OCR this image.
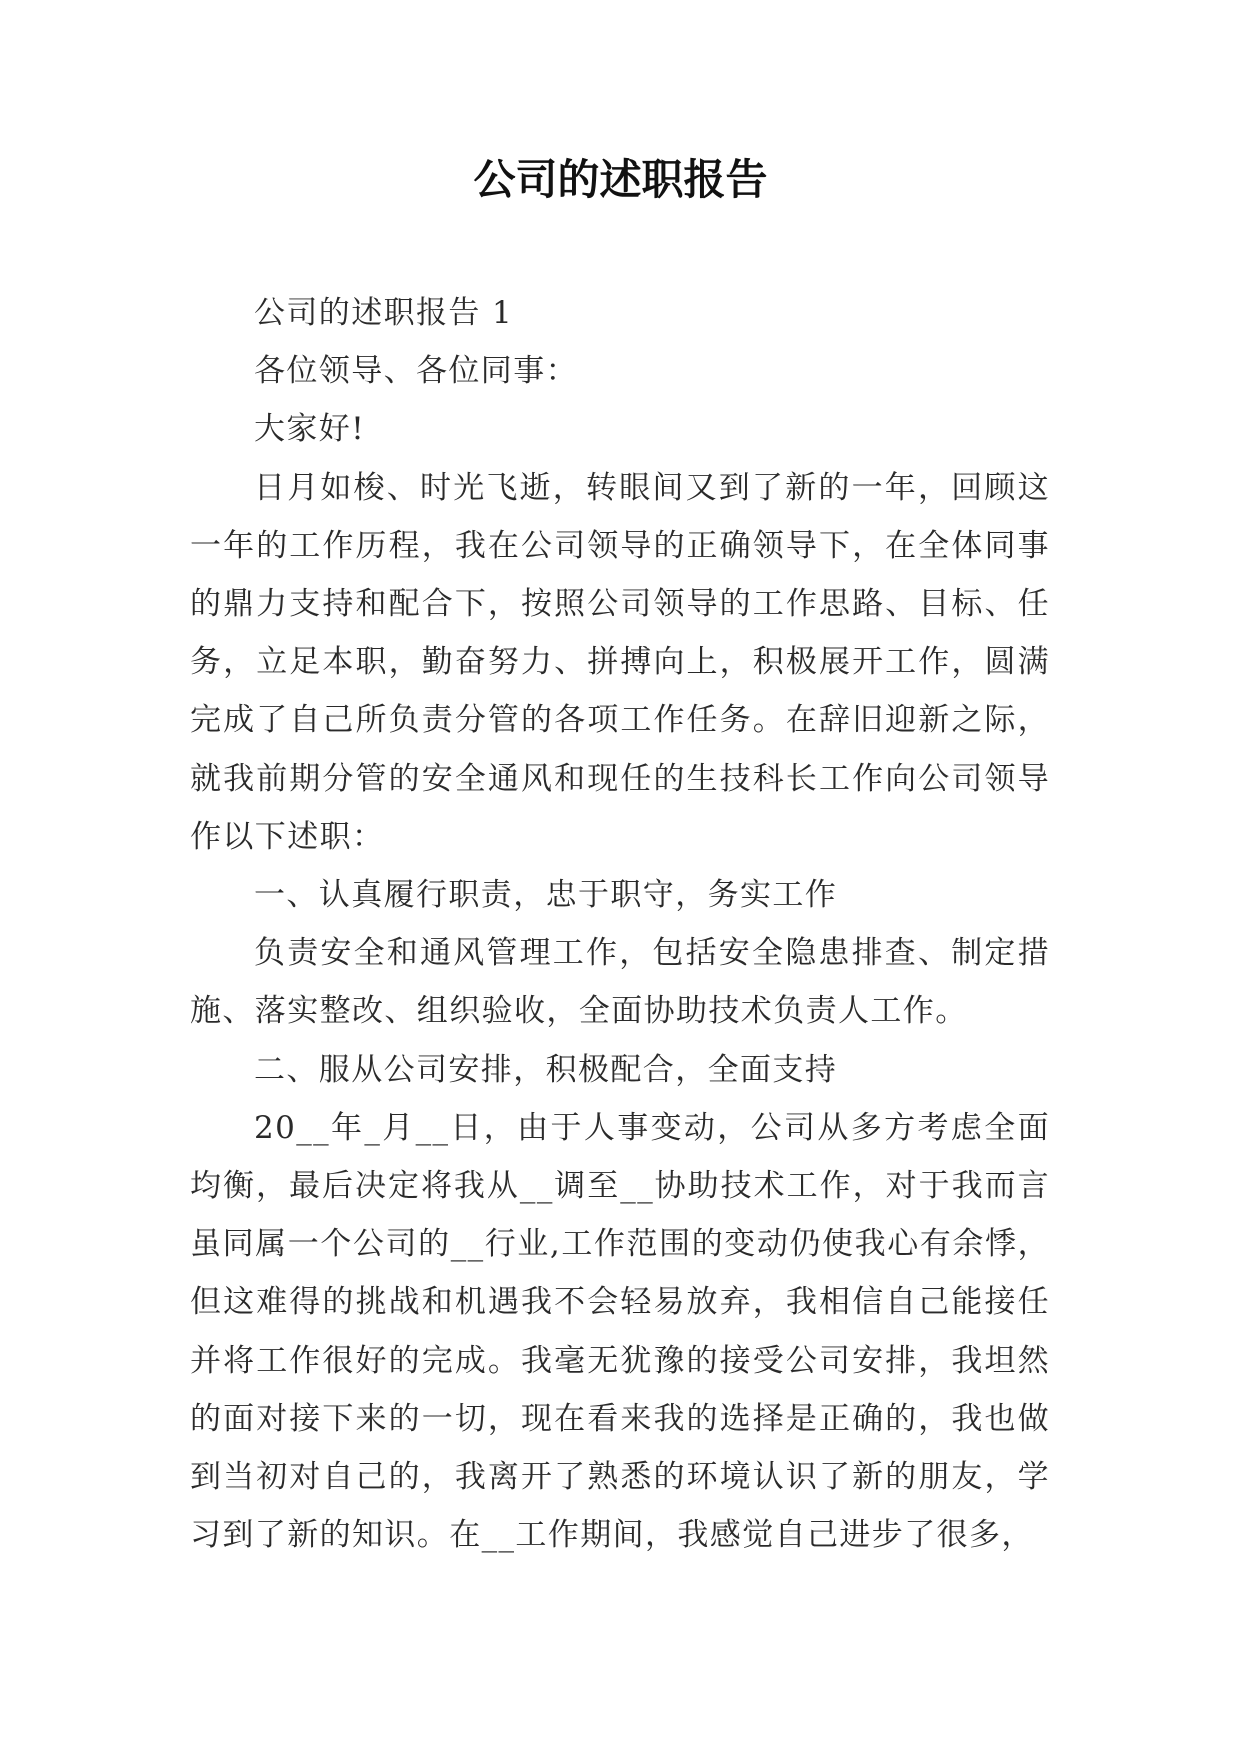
公司的述职报告

公司的述职报告 1

各位领导、各位同事：

大家好!

日月如梭、时光飞逝，转眼间又到了新的一年，回顾这一年的工作历程，我在公司领导的正确领导下，在全体同事的鼎力支持和配合下，按照公司领导的工作思路、目标、任务，立足本职，勤奋努力、拼搏向上，积极展开工作，圆满完成了自己所负责分管的各项工作任务。在辞旧迎新之际，就我前期分管的安全通风和现任的生技科长工作向公司领导作以下述职：

一、认真履行职责，忠于职守，务实工作

负责安全和通风管理工作，包括安全隐患排查、制定措施、落实整改、组织验收，全面协助技术负责人工作。

二、服从公司安排，积极配合，全面支持

20__年_月__日，由于人事变动，公司从多方考虑全面均衡，最后决定将我从__调至__协助技术工作，对于我而言虽同属一个公司的__行业,工作范围的变动仍使我心有余悸，但这难得的挑战和机遇我不会轻易放弃，我相信自己能接任并将工作很好的完成。我毫无犹豫的接受公司安排，我坦然的面对接下来的一切，现在看来我的选择是正确的，我也做到当初对自己的，我离开了熟悉的环境认识了新的朋友，学习到了新的知识。在__工作期间，我感觉自己进步了很多，
